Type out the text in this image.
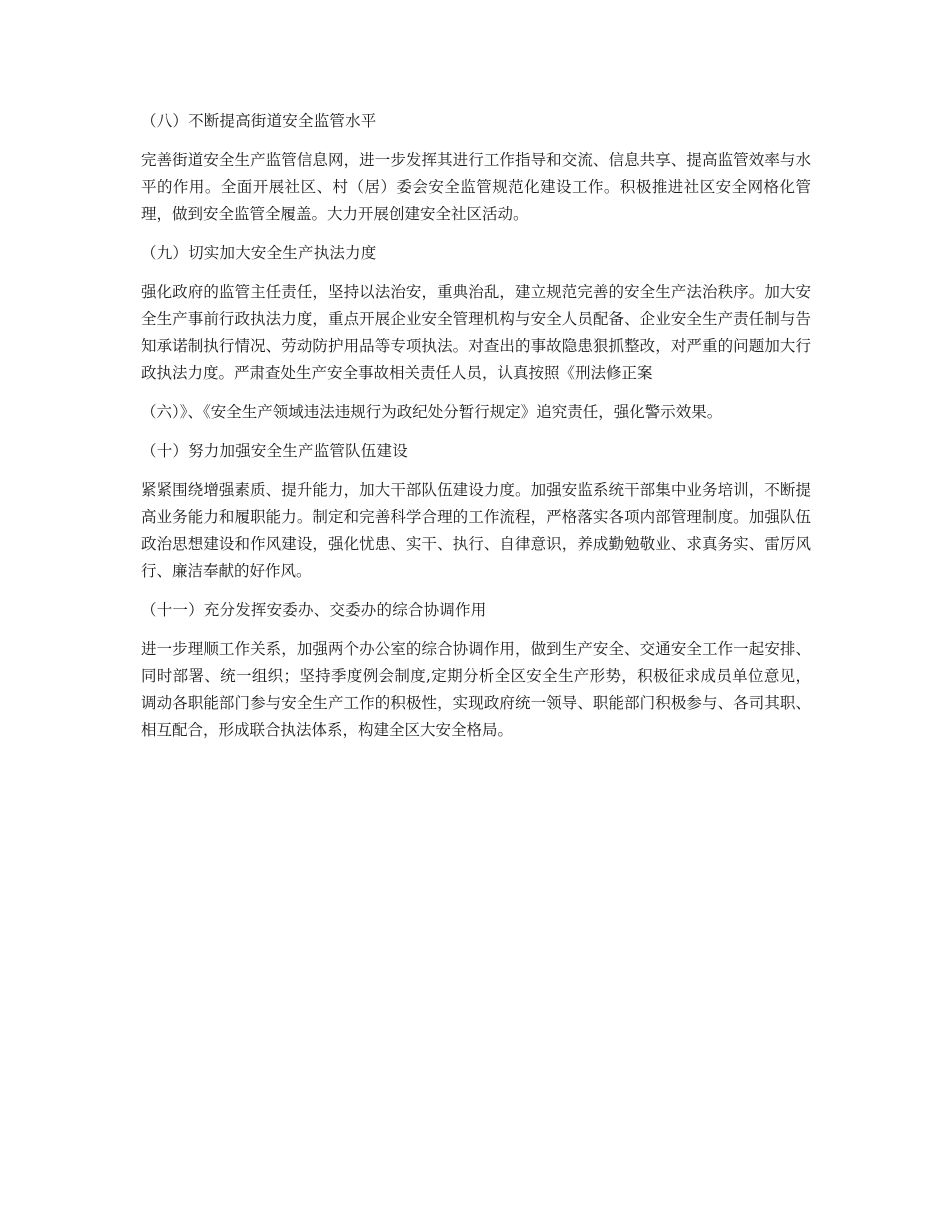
（八）不断提高街道安全监管水平

完善街道安全生产监管信息网，进一步发挥其进行工作指导和交流、信息共享、提高监管效率与水平的作用。全面开展社区、村（居）委会安全监管规范化建设工作。积极推进社区安全网格化管理，做到安全监管全履盖。大力开展创建安全社区活动。

（九）切实加大安全生产执法力度

强化政府的监管主任责任，坚持以法治安，重典治乱，建立规范完善的安全生产法治秩序。加大安全生产事前行政执法力度，重点开展企业安全管理机构与安全人员配备、企业安全生产责任制与告知承诺制执行情况、劳动防护用品等专项执法。对查出的事故隐患狠抓整改，对严重的问题加大行政执法力度。严肃查处生产安全事故相关责任人员，认真按照《刑法修正案

（六）》、《安全生产领域违法违规行为政纪处分暂行规定》追究责任，强化警示效果。

（十）努力加强安全生产监管队伍建设

紧紧围绕增强素质、提升能力，加大干部队伍建设力度。加强安监系统干部集中业务培训，不断提高业务能力和履职能力。制定和完善科学合理的工作流程，严格落实各项内部管理制度。加强队伍政治思想建设和作风建设，强化忧患、实干、执行、自律意识，养成勤勉敬业、求真务实、雷厉风行、廉洁奉献的好作风。

（十一）充分发挥安委办、交委办的综合协调作用

进一步理顺工作关系，加强两个办公室的综合协调作用，做到生产安全、交通安全工作一起安排、同时部署、统一组织；坚持季度例会制度,定期分析全区安全生产形势，积极征求成员单位意见，调动各职能部门参与安全生产工作的积极性，实现政府统一领导、职能部门积极参与、各司其职、相互配合，形成联合执法体系，构建全区大安全格局。
